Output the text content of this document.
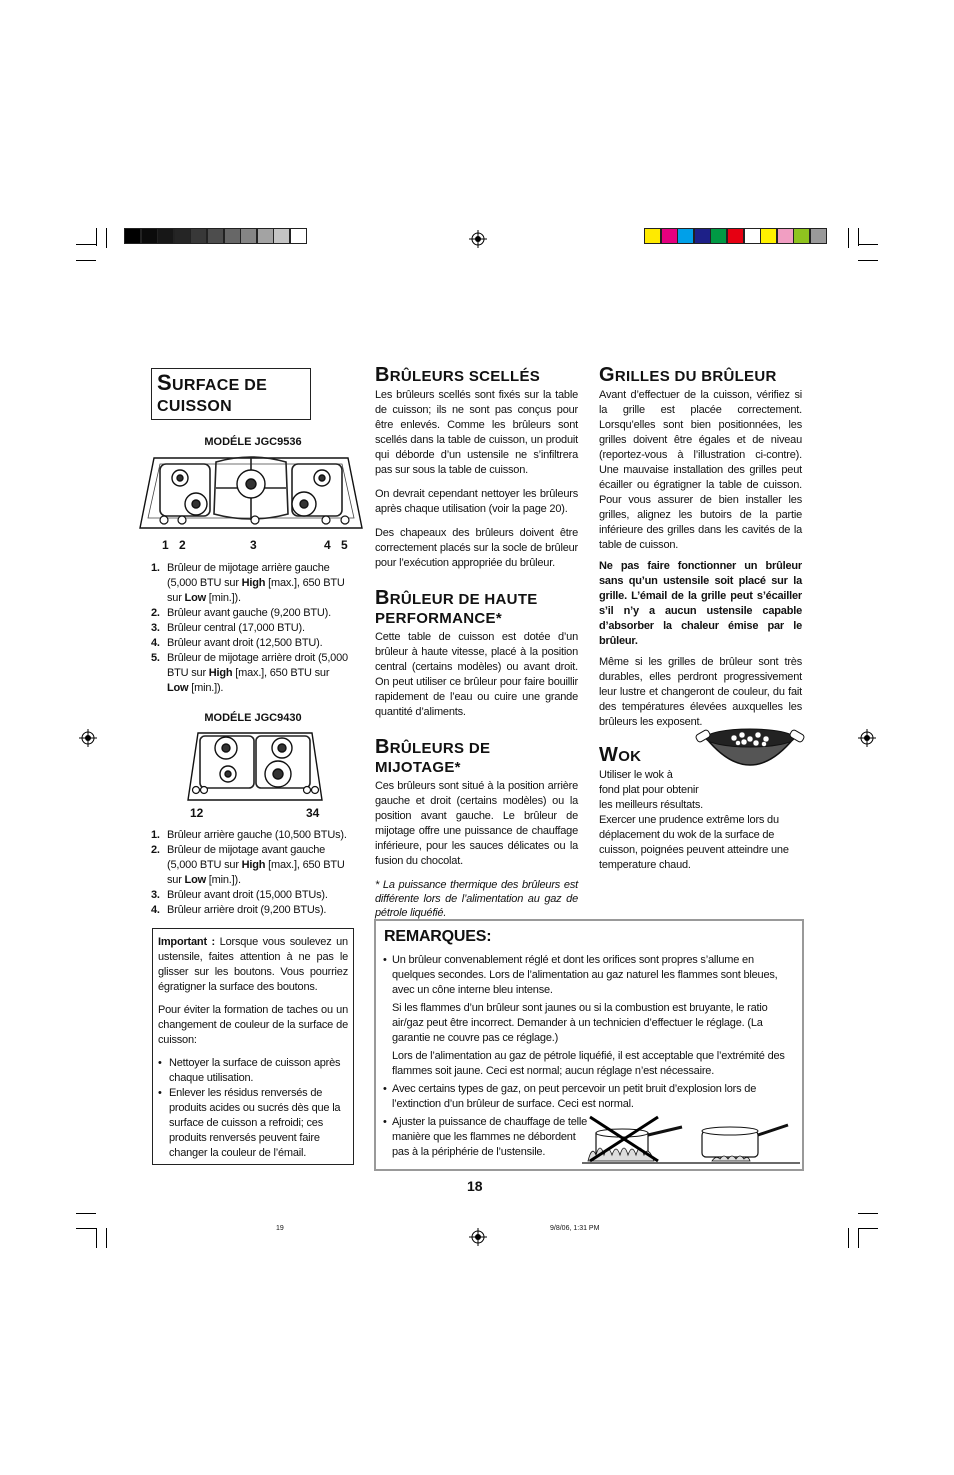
19	9/8/06, 1:31 PM
SURFACE DE
CUISSON
MODÉLE JGC9536
1 2	3	4 5
1. Brûleur de mijotage arrière gauche (5,000 BTU sur High [max.], 650 BTU sur Low [min.]).
2. Brûleur avant gauche (9,200 BTU).
3. Brûleur central (17,000 BTU).
4. Brûleur avant droit (12,500 BTU).
5. Brûleur de mijotage arrière droit (5,000 BTU sur High [max.], 650 BTU sur Low [min.]).
MODÉLE JGC9430
12	34
1. Brûleur arrière gauche (10,500 BTUs).
2. Brûleur de mijotage avant gauche (5,000 BTU sur High [max.], 650 BTU sur Low [min.]).
3. Brûleur avant droit (15,000 BTUs).
4. Brûleur arrière droit (9,200 BTUs).

Important : Lorsque vous soulevez un ustensile, faites attention à ne pas le glisser sur les boutons. Vous pourriez égratigner la surface des boutons.

Pour éviter la formation de taches ou un changement de couleur de la surface de cuisson:

• Nettoyer la surface de cuisson après chaque utilisation.
• Enlever les résidus renversés de produits acides ou sucrés dès que la surface de cuisson a refroidi; ces produits renversés peuvent faire changer la couleur de l’émail.
BRÛLEURS SCELLÉS

Les brûleurs scellés sont fixés sur la table de cuisson; ils ne sont pas conçus pour être enlevés. Comme les brûleurs sont scellés dans la table de cuisson, un produit qui déborde d’un ustensile ne s’infiltrera pas sur sous la table de cuisson.

On devrait cependant nettoyer les brûleurs après chaque utilisation (voir la page 20).

Des chapeaux des brûleurs doivent être correctement placés sur la socle de brûleur pour l’exécution appropriée du brûleur.

BRÛLEUR DE HAUTE
PERFORMANCE*

Cette table de cuisson est dotée d’un brûleur à haute vitesse, placé à la position central (certains modèles) ou avant droit. On peut utiliser ce brûleur pour faire bouillir rapidement de l’eau ou cuire une grande quantité d’aliments.

BRÛLEURS DE MIJOTAGE*

Ces brûleurs sont situé à la position arrière gauche et droit (certains modèles) ou la position avant gauche. Le brûleur de mijotage offre une puissance de chauffage inférieure, pour les sauces délicates ou la fusion du chocolat.

* La puissance thermique des brûleurs est différente lors de l’alimentation au gaz de pétrole liquéfié.

GRILLES DU BRÛLEUR

Avant d’effectuer de la cuisson, vérifiez si la grille est placée correctement. Lorsqu’elles sont bien positionnées, les grilles doivent être égales et de niveau (reportez-vous à l’illustration ci-contre). Une mauvaise installation des grilles peut écailler ou égratigner la table de cuisson. Pour vous assurer de bien installer les grilles, alignez les butoirs de la partie inférieure des grilles dans les cavités de la table de cuisson.

Ne pas faire fonctionner un brûleur sans qu’un ustensile soit placé sur la grille. L’émail de la grille peut s’écailler s’il n’y a aucun ustensile capable d’absorber la chaleur émise par le brûleur.

Même si les grilles de brûleur sont très durables, elles perdront progressivement leur lustre et changeront de couleur, du fait des températures élevées auxquelles les brûleurs les exposent.

WOK
Utiliser le wok à
fond plat pour obtenir
les meilleurs résultats.

Exercer une prudence extrême lors du déplacement du wok de la surface de cuisson, poignées peuvent atteindre une temperature chaud.

REMARQUES:
• Un brûleur convenablement réglé et dont les orifices sont propres s’allume en quelques secondes. Lors de l’alimentation au gaz naturel les flammes sont bleues, avec un cône interne bleu intense.

Si les flammes d’un brûleur sont jaunes ou si la combustion est bruyante, le ratio air/gaz peut être incorrect. Demander à un technicien d’effectuer le réglage. (La garantie ne couvre pas ce réglage.)

Lors de l’alimentation au gaz de pétrole liquéfié, il est acceptable que l’extrémité des flammes soit jaune. Ceci est normal; aucun réglage n’est nécessaire.

• Avec certains types de gaz, on peut percevoir un petit bruit d’explosion lors de l’extinction d’un brûleur de surface. Ceci est normal.
• Ajuster la puissance de chauffage de telle manière que les flammes ne débordent pas à la périphérie de l’ustensile.
18
